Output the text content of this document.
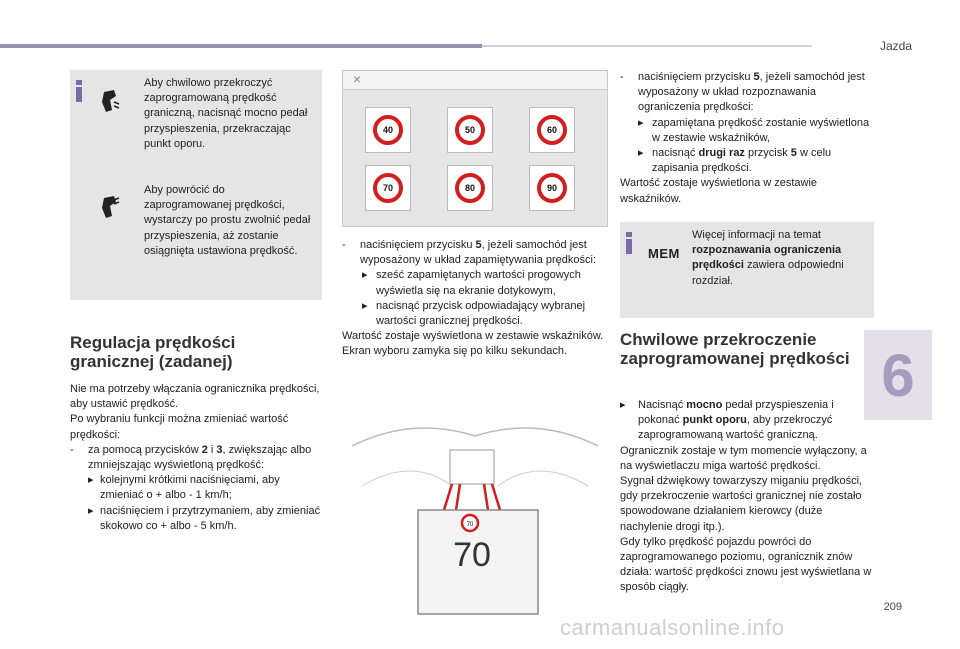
Jazda
6
209
Aby chwilowo przekroczyć zaprogramowaną prędkość graniczną, nacisnąć mocno pedał przyspieszenia, przekraczając punkt oporu.
Aby powrócić do zaprogramowanej prędkości, wystarczy po prostu zwolnić pedał przyspieszenia, aż zostanie osiągnięta ustawiona prędkość.
Regulacja prędkości granicznej (zadanej)
Nie ma potrzeby włączania ogranicznika prędkości, aby ustawić prędkość.
Po wybraniu funkcji można zmieniać wartość prędkości:
- za pomocą przycisków 2 i 3, zwiększając albo zmniejszając wyświetloną prędkość:
▸ kolejnymi krótkimi naciśnięciami, aby zmieniać o + albo - 1 km/h;
▸ naciśnięciem i przytrzymaniem, aby zmieniać skokowo co + albo - 5 km/h.
×
40	50	60
70	80	90
- naciśnięciem przycisku 5, jeżeli samochód jest wyposażony w układ zapamiętywania prędkości:
▸ sześć zapamiętanych wartości progowych wyświetla się na ekranie dotykowym,
▸ nacisnąć przycisk odpowiadający wybranej wartości granicznej prędkości.
Wartość zostaje wyświetlona w zestawie wskaźników.
Ekran wyboru zamyka się po kilku sekundach.
70
70
- naciśnięciem przycisku 5, jeżeli samochód jest wyposażony w układ rozpoznawania ograniczenia prędkości:
▸ zapamiętana prędkość zostanie wyświetlona w zestawie wskaźników,
▸ nacisnąć drugi raz przycisk 5 w celu zapisania prędkości.
Wartość zostaje wyświetlona w zestawie wskaźników.
MEM
Więcej informacji na temat rozpoznawania ograniczenia prędkości zawiera odpowiedni rozdział.
Chwilowe przekroczenie zaprogramowanej prędkości
▸ Nacisnąć mocno pedał przyspieszenia i pokonać punkt oporu, aby przekroczyć zaprogramowaną wartość graniczną.
Ogranicznik zostaje w tym momencie wyłączony, a na wyświetlaczu miga wartość prędkości.
Sygnał dźwiękowy towarzyszy miganiu prędkości, gdy przekroczenie wartości granicznej nie zostało spowodowane działaniem kierowcy (duże nachylenie drogi itp.).
Gdy tylko prędkość pojazdu powróci do zaprogramowanego poziomu, ogranicznik znów działa: wartość prędkości znowu jest wyświetlana w sposób ciągły.
carmanualsonline.info
